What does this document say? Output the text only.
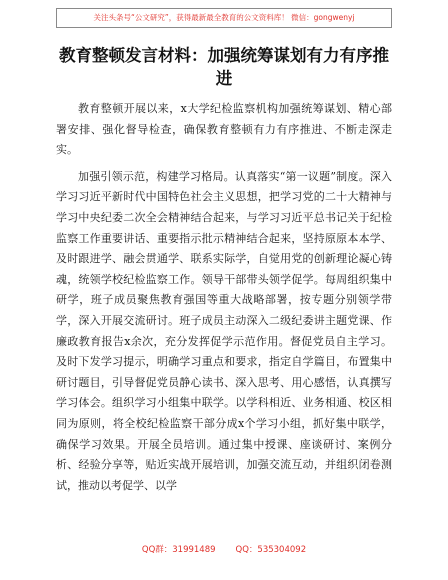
关注头条号“公文研究”，获得最新最全教育的公文资料库！ 微信：gongwenyj
教育整顿发言材料：加强统筹谋划有力有序推进

教育整顿开展以来，x大学纪检监察机构加强统筹谋划、精心部署安排、强化督导检查，确保教育整顿有力有序推进、不断走深走实。

加强引领示范，构建学习格局。认真落实“第一议题”制度。深入学习习近平新时代中国特色社会主义思想，把学习党的二十大精神与学习中央纪委二次全会精神结合起来，与学习习近平总书记关于纪检监察工作重要讲话、重要指示批示精神结合起来，坚持原原本本学、及时跟进学、融会贯通学、联系实际学，自觉用党的创新理论凝心铸魂，统领学校纪检监察工作。领导干部带头领学促学。每周组织集中研学，班子成员聚焦教育强国等重大战略部署，按专题分别领学带学，深入开展交流研讨。班子成员主动深入二级纪委讲主题党课、作廉政教育报告x余次，充分发挥促学示范作用。督促党员自主学习。及时下发学习提示，明确学习重点和要求，指定自学篇目，布置集中研讨题目，引导督促党员静心读书、深入思考、用心感悟，认真撰写学习体会。组织学习小组集中联学。以学科相近、业务相通、校区相同为原则，将全校纪检监察干部分成x个学习小组，抓好集中联学，确保学习效果。开展全员培训。通过集中授课、座谈研讨、案例分析、经验分享等，贴近实战开展培训，加强交流互动，并组织闭卷测试，推动以考促学、以学

QQ群：31991489 QQ：535304092
